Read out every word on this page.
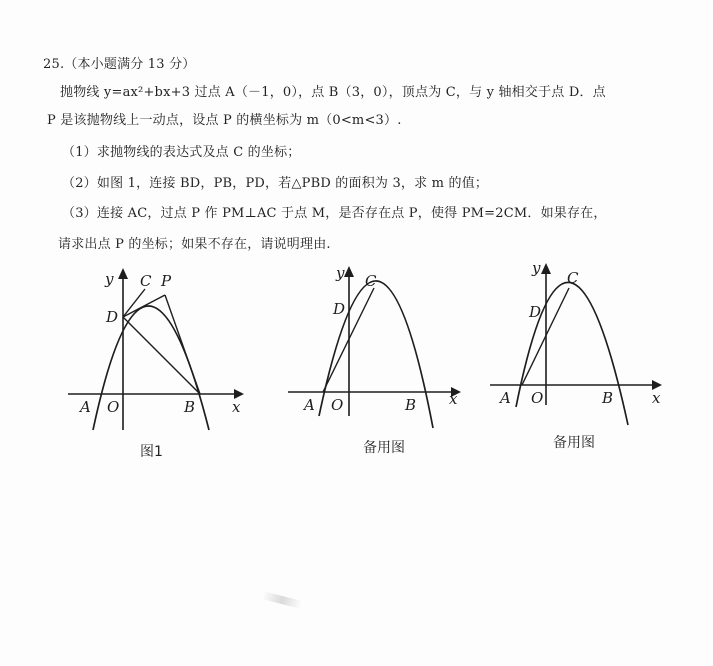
25.（本小题满分 13 分）
抛物线 y=ax²+bx+3 过点 A（－1，0），点 B（3，0），顶点为 C，与 y 轴相交于点 D．点
P 是该抛物线上一动点，设点 P 的横坐标为 m（0<m<3）.
（1）求抛物线的表达式及点 C 的坐标；
（2）如图 1，连接 BD，PB，PD，若△PBD 的面积为 3，求 m 的值；
（3）连接 AC，过点 P 作 PM⊥AC 于点 M，是否存在点 P，使得 PM=2CM．如果存在，
请求出点 P 的坐标；如果不存在，请说明理由.
y
x
A O	B
C P
D
图1
y
x
A O	B
C
D
备用图
y
x
A O	B
C
D
备用图
